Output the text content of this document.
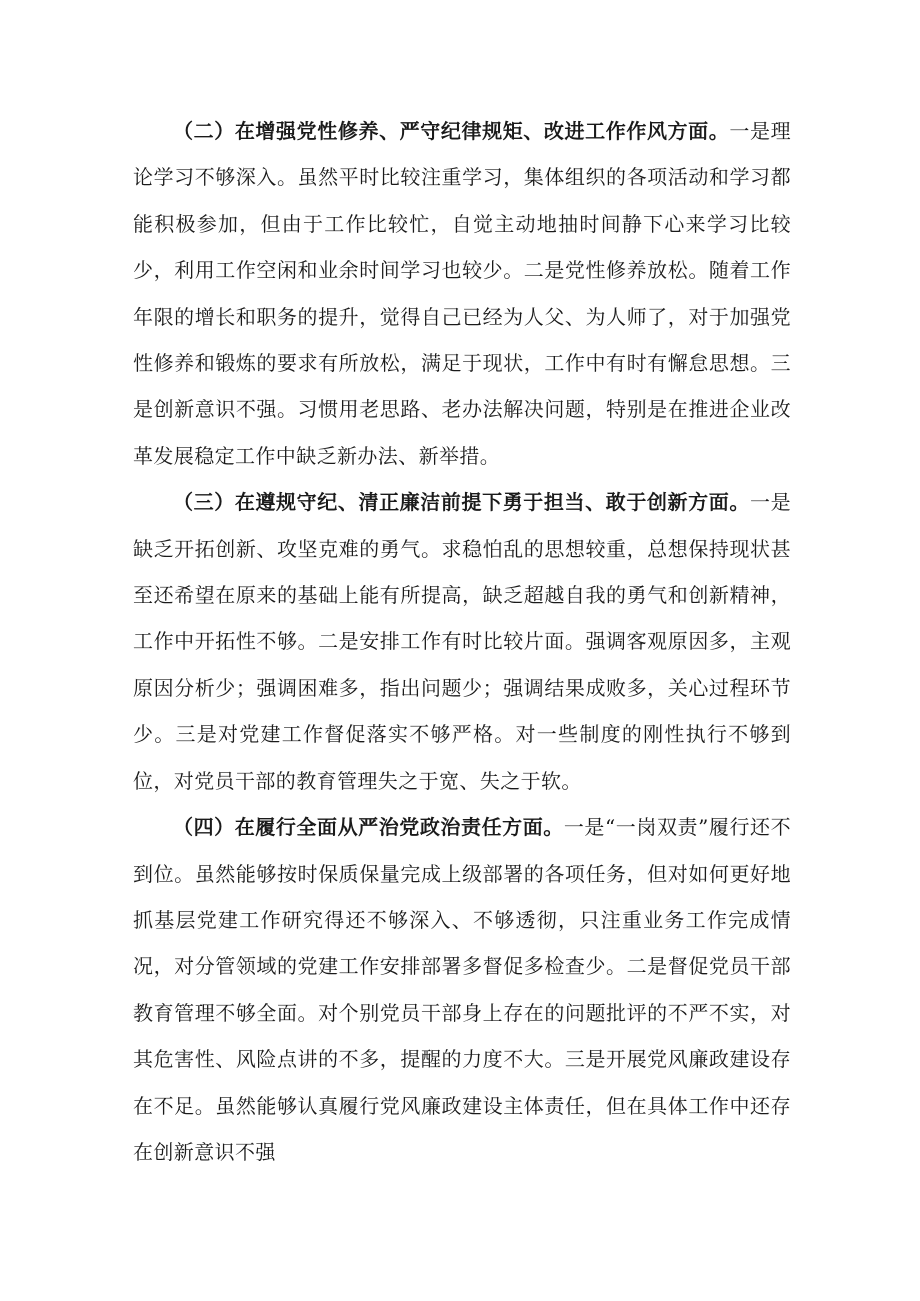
（二）在增强党性修养、严守纪律规矩、改进工作作风方面。一是理论学习不够深入。虽然平时比较注重学习，集体组织的各项活动和学习都能积极参加，但由于工作比较忙，自觉主动地抽时间静下心来学习比较少，利用工作空闲和业余时间学习也较少。二是党性修养放松。随着工作年限的增长和职务的提升，觉得自己已经为人父、为人师了，对于加强党性修养和锻炼的要求有所放松，满足于现状，工作中有时有懈怠思想。三是创新意识不强。习惯用老思路、老办法解决问题，特别是在推进企业改革发展稳定工作中缺乏新办法、新举措。

（三）在遵规守纪、清正廉洁前提下勇于担当、敢于创新方面。一是缺乏开拓创新、攻坚克难的勇气。求稳怕乱的思想较重，总想保持现状甚至还希望在原来的基础上能有所提高，缺乏超越自我的勇气和创新精神，工作中开拓性不够。二是安排工作有时比较片面。强调客观原因多，主观原因分析少；强调困难多，指出问题少；强调结果成败多，关心过程环节少。三是对党建工作督促落实不够严格。对一些制度的刚性执行不够到位，对党员干部的教育管理失之于宽、失之于软。

（四）在履行全面从严治党政治责任方面。一是“一岗双责”履行还不到位。虽然能够按时保质保量完成上级部署的各项任务，但对如何更好地抓基层党建工作研究得还不够深入、不够透彻，只注重业务工作完成情况，对分管领域的党建工作安排部署多督促多检查少。二是督促党员干部教育管理不够全面。对个别党员干部身上存在的问题批评的不严不实，对其危害性、风险点讲的不多，提醒的力度不大。三是开展党风廉政建设存在不足。虽然能够认真履行党风廉政建设主体责任，但在具体工作中还存在创新意识不强
